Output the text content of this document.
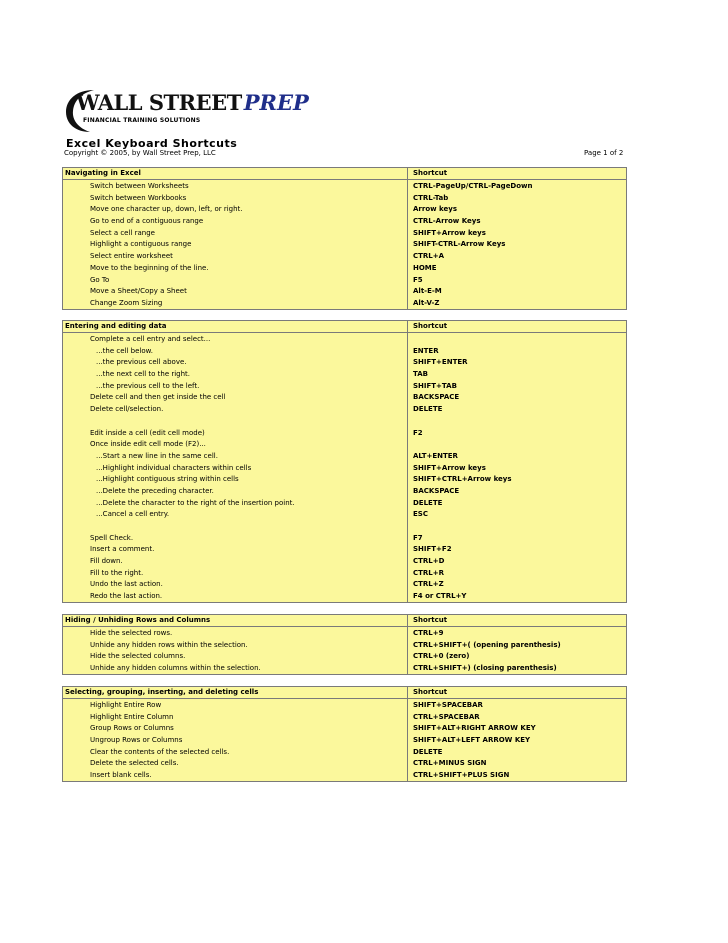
WALL STREETPREP
FINANCIAL TRAINING SOLUTIONS
Excel Keyboard Shortcuts
Copyright © 2005, by Wall Street Prep, LLC	Page 1 of 2
Navigating in Excel	Shortcut
Switch between Worksheets	CTRL-PageUp/CTRL-PageDown
Switch between Workbooks	CTRL-Tab
Move one character up, down, left, or right.	Arrow keys
Go to end of a contiguous range	CTRL-Arrow Keys
Select a cell range	SHIFT+Arrow keys
Highlight a contiguous range	SHIFT-CTRL-Arrow Keys
Select entire worksheet	CTRL+A
Move to the beginning of the line.	HOME
Go To	F5
Move a Sheet/Copy a Sheet	Alt-E-M
Change Zoom Sizing	Alt-V-Z
Entering and editing data	Shortcut
Complete a cell entry and select...
...the cell below.	ENTER
...the previous cell above.	SHIFT+ENTER
...the next cell to the right.	TAB
...the previous cell to the left.	SHIFT+TAB
Delete cell and then get inside the cell	BACKSPACE
Delete cell/selection.	DELETE
Edit inside a cell (edit cell mode)	F2
Once inside edit cell mode (F2)...
...Start a new line in the same cell.	ALT+ENTER
...Highlight individual characters within cells	SHIFT+Arrow keys
...Highlight contiguous string within cells	SHIFT+CTRL+Arrow keys
...Delete the preceding character.	BACKSPACE
...Delete the character to the right of the insertion point.	DELETE
...Cancel a cell entry.	ESC
Spell Check.	F7
Insert a comment.	SHIFT+F2
Fill down.	CTRL+D
Fill to the right.	CTRL+R
Undo the last action.	CTRL+Z
Redo the last action.	F4 or CTRL+Y
Hiding / Unhiding Rows and Columns	Shortcut
Hide the selected rows.	CTRL+9
Unhide any hidden rows within the selection.	CTRL+SHIFT+( (opening parenthesis)
Hide the selected columns.	CTRL+0 (zero)
Unhide any hidden columns within the selection.	CTRL+SHIFT+) (closing parenthesis)
Selecting, grouping, inserting, and deleting cells	Shortcut
Highlight Entire Row	SHIFT+SPACEBAR
Highlight Entire Column	CTRL+SPACEBAR
Group Rows or Columns	SHIFT+ALT+RIGHT ARROW KEY
Ungroup Rows or Columns	SHIFT+ALT+LEFT ARROW KEY
Clear the contents of the selected cells.	DELETE
Delete the selected cells.	CTRL+MINUS SIGN
Insert blank cells.	CTRL+SHIFT+PLUS SIGN
